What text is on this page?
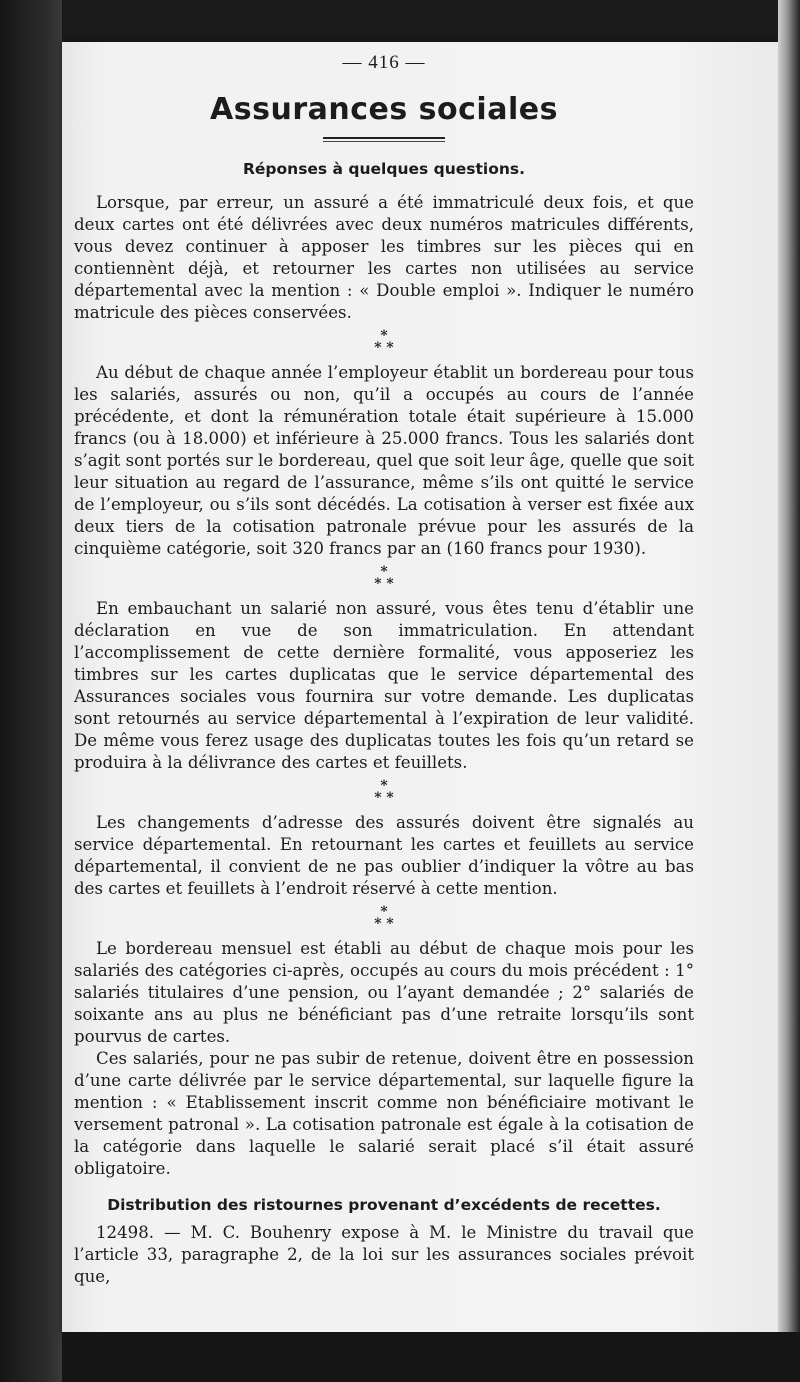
— 416 —
Assurances sociales
Réponses à quelques questions.

Lorsque, par erreur, un assuré a été immatriculé deux fois, et que deux cartes ont été délivrées avec deux numéros matricules différents, vous devez continuer à apposer les timbres sur les pièces qui en contiennènt déjà, et retourner les cartes non utilisées au service départemental avec la mention : « Double emploi ». Indiquer le numéro matricule des pièces conservées.

*
* *

Au début de chaque année l’employeur établit un bordereau pour tous les salariés, assurés ou non, qu’il a occupés au cours de l’année précédente, et dont la rémunération totale était supérieure à 15.000 francs (ou à 18.000) et inférieure à 25.000 francs. Tous les salariés dont s’agit sont portés sur le bordereau, quel que soit leur âge, quelle que soit leur situation au regard de l’assurance, même s’ils ont quitté le service de l’employeur, ou s’ils sont décédés. La cotisation à verser est fixée aux deux tiers de la cotisation patronale prévue pour les assurés de la cinquième catégorie, soit 320 francs par an (160 francs pour 1930).

*
* *

En embauchant un salarié non assuré, vous êtes tenu d’établir une déclaration en vue de son immatriculation. En attendant l’accomplissement de cette dernière formalité, vous apposeriez les timbres sur les cartes duplicatas que le service départemental des Assurances sociales vous fournira sur votre demande. Les duplicatas sont retournés au service départemental à l’expiration de leur validité. De même vous ferez usage des duplicatas toutes les fois qu’un retard se produira à la délivrance des cartes et feuillets.

*
* *

Les changements d’adresse des assurés doivent être signalés au service départemental. En retournant les cartes et feuillets au service départemental, il convient de ne pas oublier d’indiquer la vôtre au bas des cartes et feuillets à l’endroit réservé à cette mention.

*
* *

Le bordereau mensuel est établi au début de chaque mois pour les salariés des catégories ci-après, occupés au cours du mois précédent : 1° salariés titulaires d’une pension, ou l’ayant demandée ; 2° salariés de soixante ans au plus ne bénéficiant pas d’une retraite lorsqu’ils sont pourvus de cartes.

Ces salariés, pour ne pas subir de retenue, doivent être en possession d’une carte délivrée par le service départemental, sur laquelle figure la mention : « Etablissement inscrit comme non bénéficiaire motivant le versement patronal ». La cotisation patronale est égale à la cotisation de la catégorie dans laquelle le salarié serait placé s’il était assuré obligatoire.

Distribution des ristournes provenant d’excédents de recettes.

12498. — M. C. Bouhenry expose à M. le Ministre du travail que l’article 33, paragraphe 2, de la loi sur les assurances sociales prévoit que,
